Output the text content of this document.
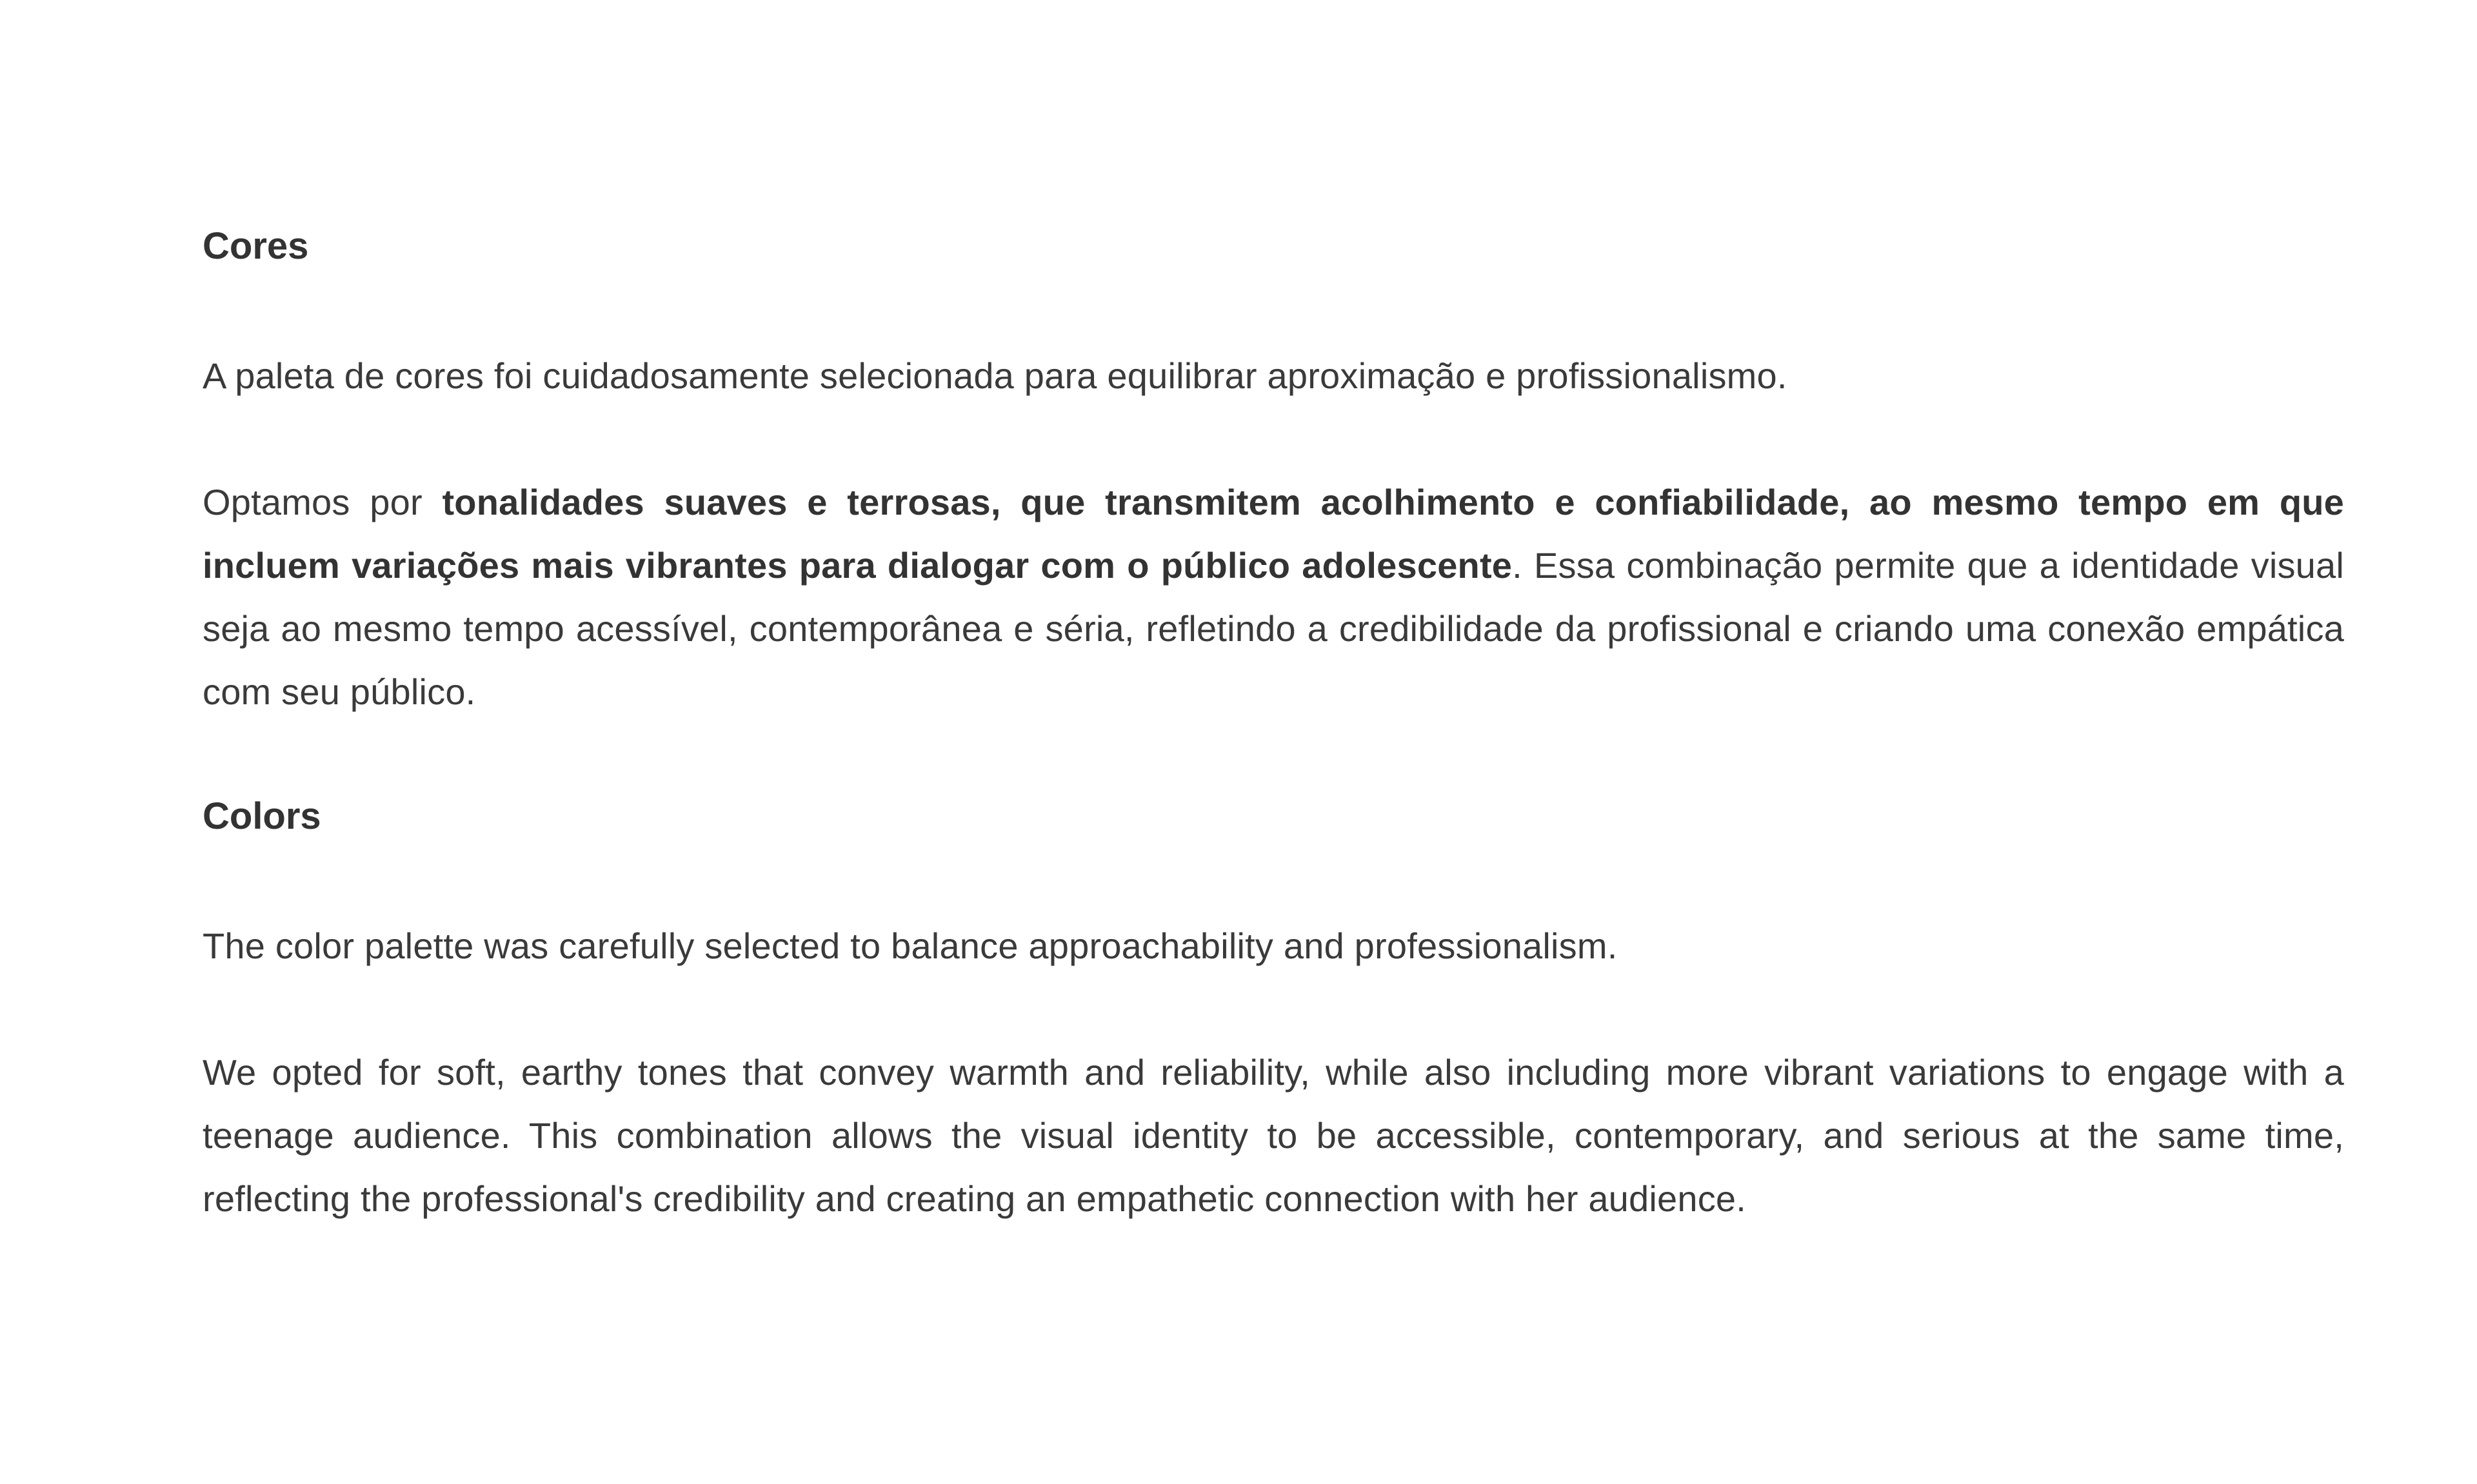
Cores

A paleta de cores foi cuidadosamente selecionada para equilibrar aproximação e profissionalismo.

Optamos por tonalidades suaves e terrosas, que transmitem acolhimento e confiabilidade, ao mesmo tempo em que incluem variações mais vibrantes para dialogar com o público adolescente. Essa combinação permite que a identidade visual seja ao mesmo tempo acessível, contemporânea e séria, refletindo a credibilidade da profissional e criando uma conexão empática com seu público.

Colors

The color palette was carefully selected to balance approachability and professionalism.

We opted for soft, earthy tones that convey warmth and reliability, while also including more vibrant variations to engage with a teenage audience. This combination allows the visual identity to be accessible, contemporary, and serious at the same time, reflecting the professional's credibility and creating an empathetic connection with her audience.
